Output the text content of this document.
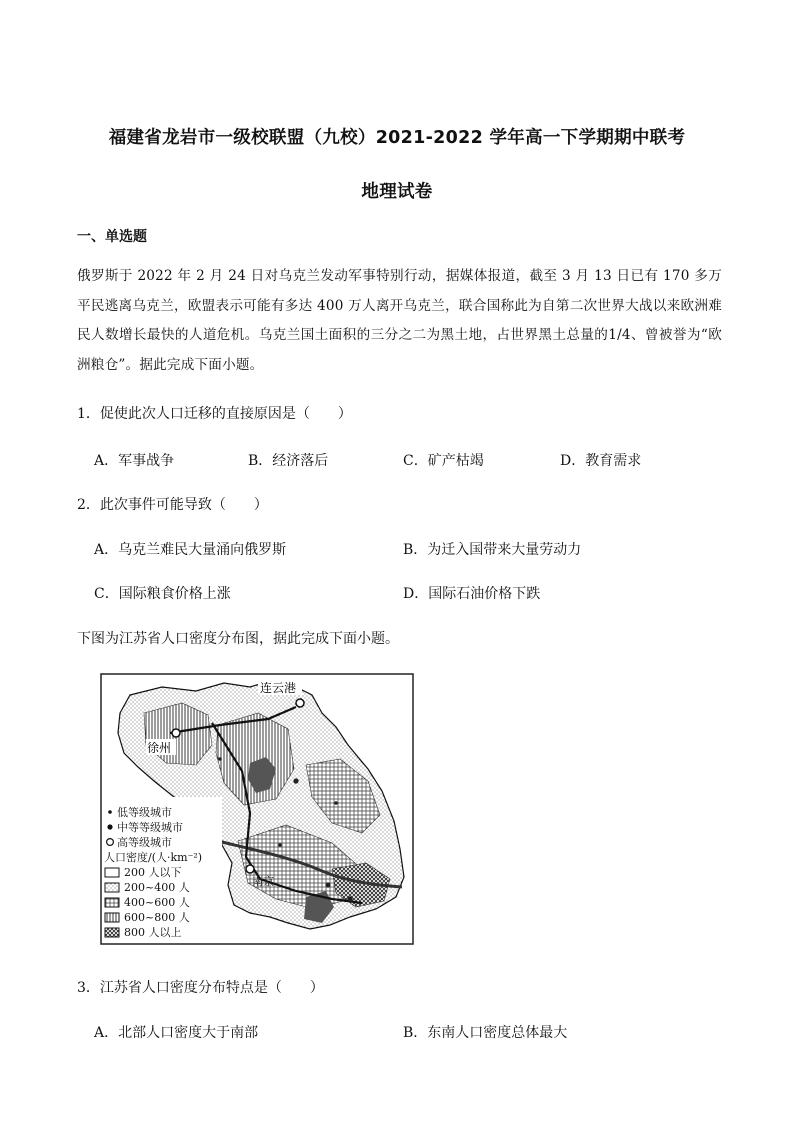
福建省龙岩市一级校联盟（九校）2021-2022 学年高一下学期期中联考
地理试卷
一、单选题
俄罗斯于 2022 年 2 月 24 日对乌克兰发动军事特别行动，据媒体报道，截至 3 月 13 日已有 170 多万平民逃离乌克兰，欧盟表示可能有多达 400 万人离开乌克兰，联合国称此为自第二次世界大战以来欧洲难民人数增长最快的人道危机。乌克兰国土面积的三分之二为黑土地，占世界黑土总量的1/4、曾被誉为“欧洲粮仓”。据此完成下面小题。
1．促使此次人口迁移的直接原因是（　　）
A．军事战争	B．经济落后	C．矿产枯竭	D．教育需求
2．此次事件可能导致（　　）
A．乌克兰难民大量涌向俄罗斯	B．为迁入国带来大量劳动力
C．国际粮食价格上涨	D．国际石油价格下跌
下图为江苏省人口密度分布图，据此完成下面小题。
连云港
徐州
南京
低等级城市
中等等级城市
高等级城市
人口密度/(人·km⁻²)
200 人以下
200~400 人
400~600 人
600~800 人
800 人以上
3．江苏省人口密度分布特点是（　　）
A．北部人口密度大于南部	B．东南人口密度总体最大
